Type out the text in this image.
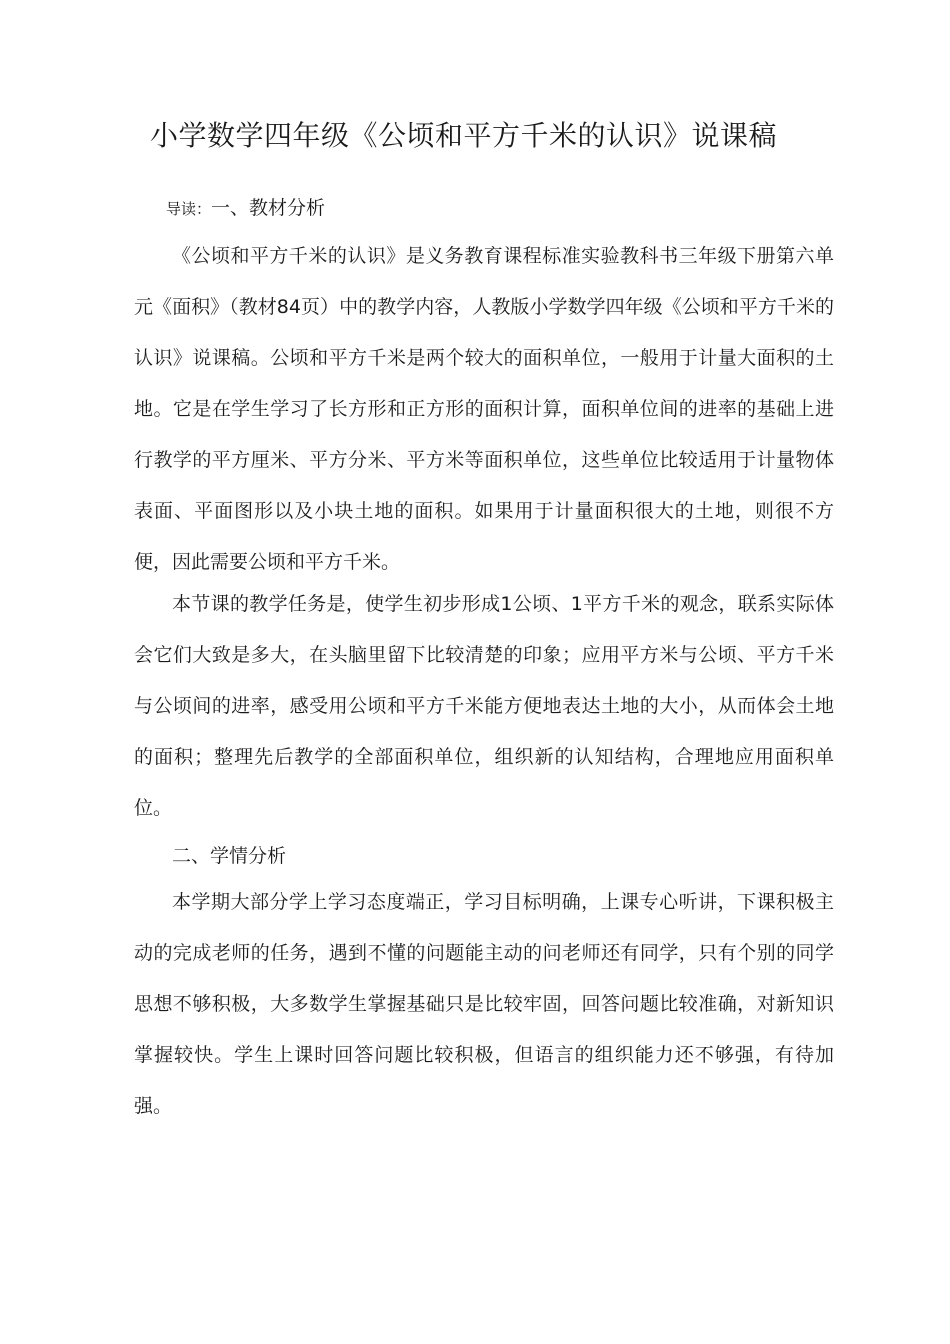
小学数学四年级《公顷和平方千米的认识》说课稿
导读：一、教材分析

《公顷和平方千米的认识》是义务教育课程标准实验教科书三年级下册第六单元《面积》（教材84页）中的教学内容，人教版小学数学四年级《公顷和平方千米的认识》说课稿。公顷和平方千米是两个较大的面积单位，一般用于计量大面积的土地。它是在学生学习了长方形和正方形的面积计算，面积单位间的进率的基础上进行教学的平方厘米、平方分米、平方米等面积单位，这些单位比较适用于计量物体表面、平面图形以及小块土地的面积。如果用于计量面积很大的土地，则很不方便，因此需要公顷和平方千米。

本节课的教学任务是，使学生初步形成1公顷、1平方千米的观念，联系实际体会它们大致是多大，在头脑里留下比较清楚的印象；应用平方米与公顷、平方千米与公顷间的进率，感受用公顷和平方千米能方便地表达土地的大小，从而体会土地的面积；整理先后教学的全部面积单位，组织新的认知结构，合理地应用面积单位。

二、学情分析

本学期大部分学上学习态度端正，学习目标明确，上课专心听讲，下课积极主动的完成老师的任务，遇到不懂的问题能主动的问老师还有同学，只有个别的同学思想不够积极，大多数学生掌握基础只是比较牢固，回答问题比较准确，对新知识掌握较快。学生上课时回答问题比较积极，但语言的组织能力还不够强，有待加强。
